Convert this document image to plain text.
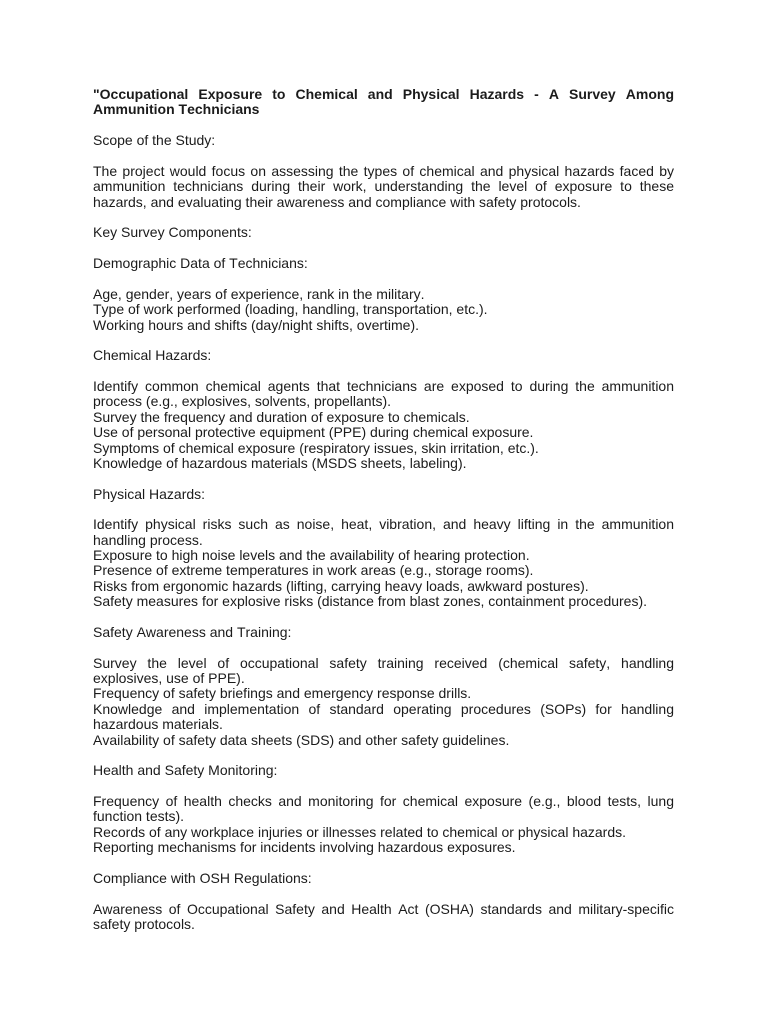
"Occupational Exposure to Chemical and Physical Hazards - A Survey Among Ammunition Technicians

Scope of the Study:

The project would focus on assessing the types of chemical and physical hazards faced by ammunition technicians during their work, understanding the level of exposure to these hazards, and evaluating their awareness and compliance with safety protocols.

Key Survey Components:

Demographic Data of Technicians:
Age, gender, years of experience, rank in the military.
Type of work performed (loading, handling, transportation, etc.).
Working hours and shifts (day/night shifts, overtime).
Chemical Hazards:
Identify common chemical agents that technicians are exposed to during the ammunition process (e.g., explosives, solvents, propellants).
Survey the frequency and duration of exposure to chemicals.
Use of personal protective equipment (PPE) during chemical exposure.
Symptoms of chemical exposure (respiratory issues, skin irritation, etc.).
Knowledge of hazardous materials (MSDS sheets, labeling).
Physical Hazards:
Identify physical risks such as noise, heat, vibration, and heavy lifting in the ammunition handling process.
Exposure to high noise levels and the availability of hearing protection.
Presence of extreme temperatures in work areas (e.g., storage rooms).
Risks from ergonomic hazards (lifting, carrying heavy loads, awkward postures).
Safety measures for explosive risks (distance from blast zones, containment procedures).
Safety Awareness and Training:
Survey the level of occupational safety training received (chemical safety, handling explosives, use of PPE).
Frequency of safety briefings and emergency response drills.
Knowledge and implementation of standard operating procedures (SOPs) for handling hazardous materials.
Availability of safety data sheets (SDS) and other safety guidelines.
Health and Safety Monitoring:
Frequency of health checks and monitoring for chemical exposure (e.g., blood tests, lung function tests).
Records of any workplace injuries or illnesses related to chemical or physical hazards.
Reporting mechanisms for incidents involving hazardous exposures.
Compliance with OSH Regulations:
Awareness of Occupational Safety and Health Act (OSHA) standards and military-specific safety protocols.
